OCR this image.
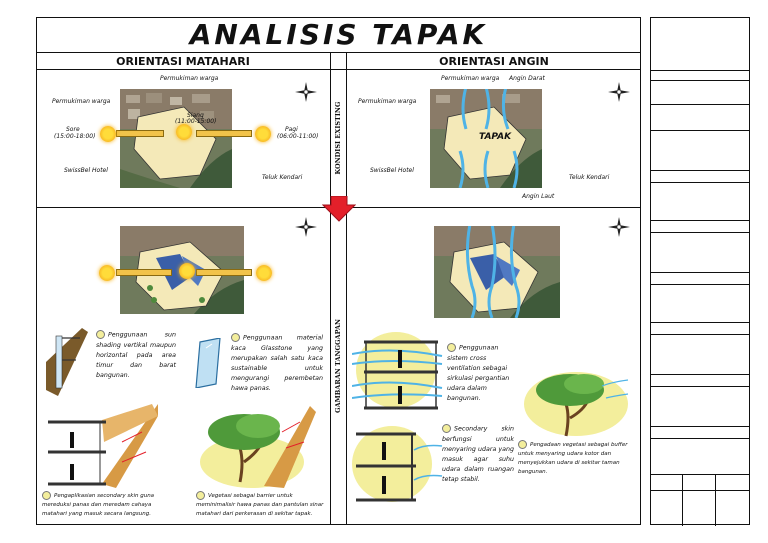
ANALISIS TAPAK
ORIENTASI MATAHARI	ORIENTASI ANGIN
KONDISI EXISTING
GAMBARAN TANGGAPAN
Permukiman warga
Permukiman warga
Sore
(15:00-18:00)
Siang
(11:00-15:00)
Pagi
(06:00-11:00)
SwissBel Hotel
Teluk Kendari
Permukiman warga Angin Darat
Permukiman warga
TAPAK
SwissBel Hotel
Teluk Kendari
Angin Laut
Penggunaan sun shading vertikal maupun horizontal pada area timur dan barat bangunan.
Penggunaan material kaca Glasstone yang merupakan salah satu kaca sustainable untuk mengurangi perembetan hawa panas.
Pengaplikasian secondary skin guna mereduksi panas dan meredam cahaya matahari yang masuk secara langsung.
Vegetasi sebagai barrier untuk meminimalisir hawa panas dan pantulan sinar matahari dari perkerasan di sekitar tapak.
Penggunaan sistem cross ventilation sebagai sirkulasi pergantian udara dalam bangunan.
Secondary skin berfungsi untuk menyaring udara yang masuk agar suhu udara dalam ruangan tetap stabil.
Pengadaan vegetasi sebagai buffer untuk menyaring udara kotor dan menyejukkan udara di sekitar taman bangunan.
